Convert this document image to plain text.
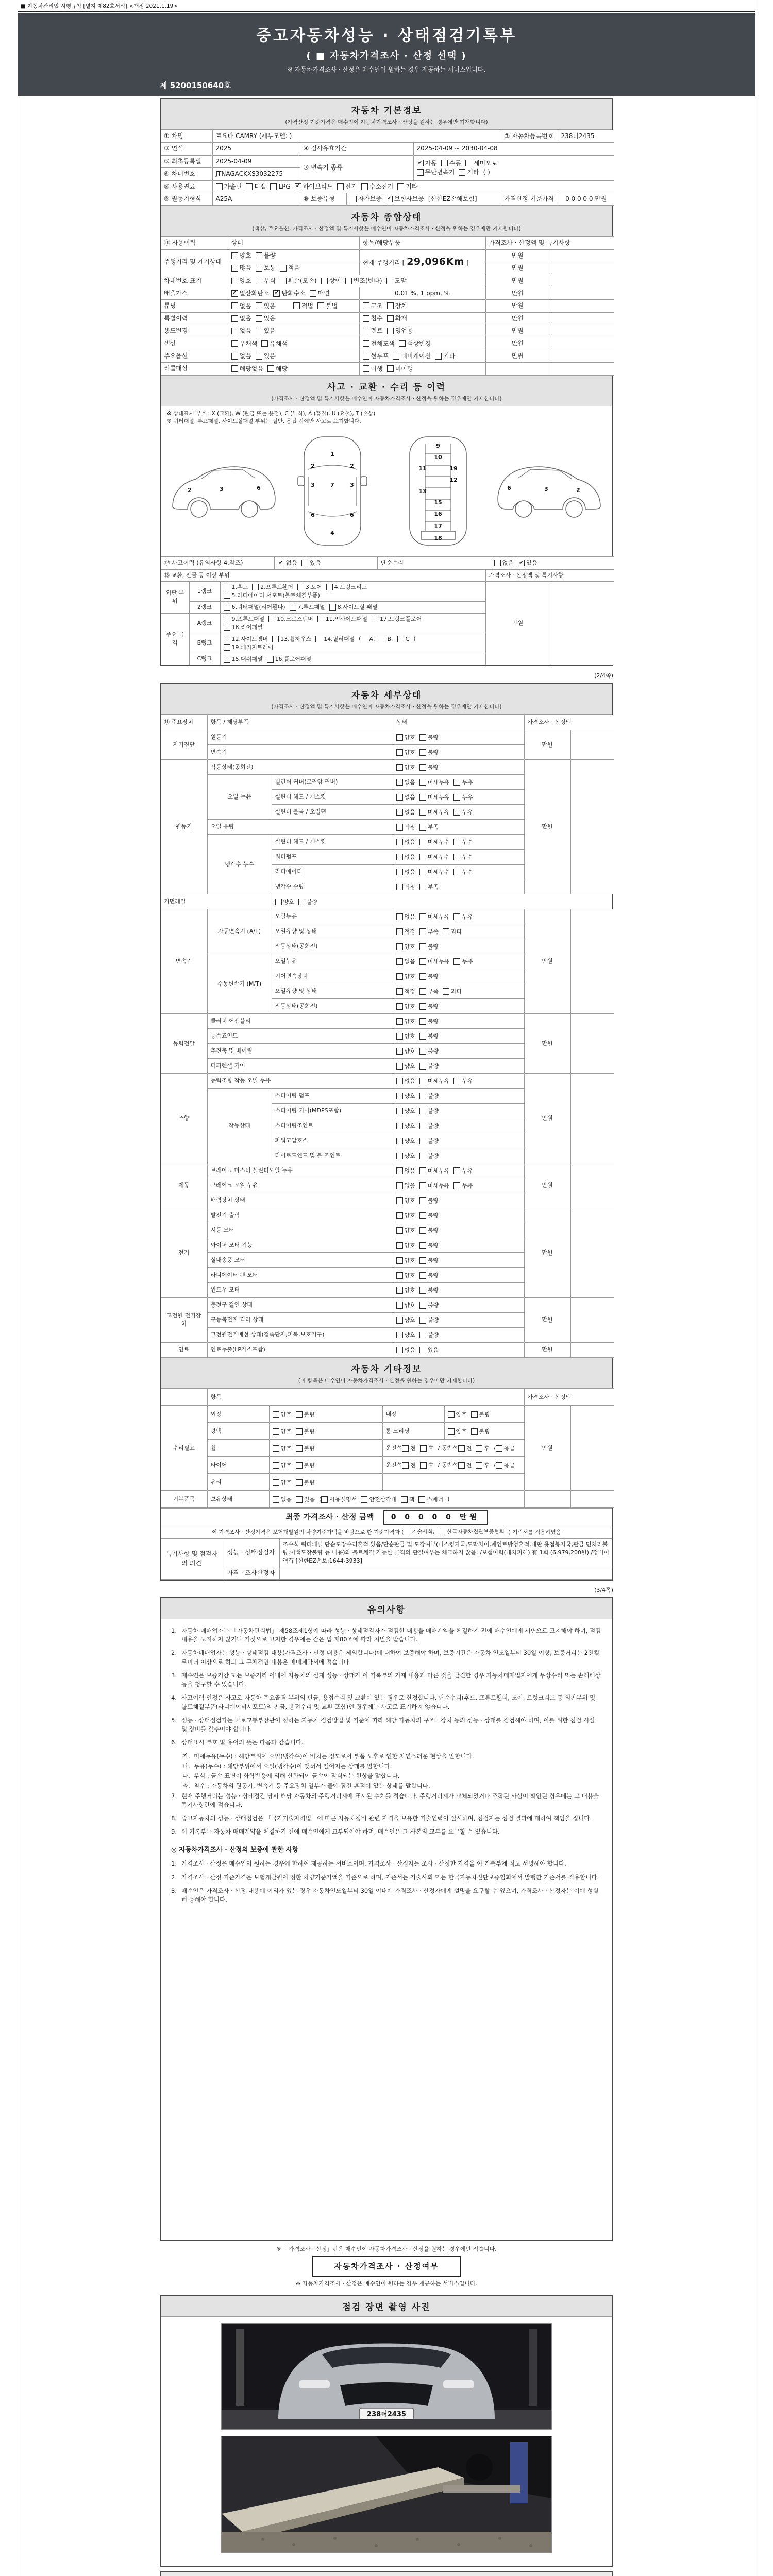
■ 자동차관리법 시행규칙 [별지 제82호서식] <개정 2021.1.19>
중고자동차성능 · 상태점검기록부
( ■ 자동차가격조사 · 산정 선택 )
※ 자동차가격조사 · 산정은 매수인이 원하는 경우 제공하는 서비스입니다.
제 5200150640호
자동차 기본정보
(가격산정 기준가격은 매수인이 자동차가격조사 · 산정을 원하는 경우에만 기재합니다)
① 차명	토요타 CAMRY (세부모델: )				② 자동차등록번호	238더2435
③ 연식	2025	④ 검사유효기간		2025-04-09 ~ 2030-04-08		
⑤ 최초등록일	2025-04-09	⑦ 변속기 종류	
✔ 자동 수동 세미오토

무단변속기 기타 ( )
⑥ 차대번호	JTNAGACKXS3032275					
⑧ 사용연료	가솔린 디젤 LPG ✔ 하이브리드 전기 수소전기 기타

⑨ 원동기형식	A25A	⑩ 보증유형	자가보증 ✔ 보험사보증 [신한EZ손해보험]		가격산정 기준가격	0 0 0 0 0 만원
자동차 종합상태
(색상, 주요옵션, 가격조사 · 산정액 및 특기사항은 매수인이 자동차가격조사 · 산정을 원하는 경우에만 기재합니다)
⑪ 사용이력	상태	항목/해당부품	가격조사 · 산정액 및 특기사항	
주행거리 및 계기상태	양호 불량	현재 주행거리 [ 29,096Km ]	만원	

	많음 보통 적음		만원	
차대번호 표기	양호 부식 훼손(오손) 상이 변조(변타) 도말	만원	
배출가스	✔ 일산화탄소 ✔ 탄화수소 매연	0.01 %, 1 ppm, %	만원	
튜닝	없음 있음 적법 불법	구조 장치	만원	
특별이력	없음 있음	침수 화재	만원	
용도변경	없음 있음	렌트 영업용	만원	
색상	무채색 유채색	전체도색 색상변경	만원	
주요옵션	없음 있음	썬루프 네비게이션 기타	만원	
리콜대상	해당없음 해당	이행 미이행		

사고 · 교환 · 수리 등 이력
(가격조사 · 산정액 및 특기사항은 매수인이 자동차가격조사 · 산정을 원하는 경우에만 기재합니다)
※ 상태표시 부호 : X (교환), W (판금 또는 용접), C (부식), A (흠집), U (요철), T (손상)
※ 쿼터패널, 루프패널, 사이드실패널 부위는 절단, 용접 시에만 사고로 표기합니다.
2	3	6
1
2	2
3	7	3
6	6
4
9
10
11	19
12
13
15
16
17
18
6	3	2
⑫ 사고이력 (유의사항 4.참조)	✔ 없음 있음	단순수리	없음 ✔ 있음
⑬ 교환, 판금 등 이상 부위			가격조사 · 산정액 및 특기사항	
외판 부위	1랭크	1.후드 2.프론트휀더 3.도어 4.트렁크리드

5.라디에이터 서포트(볼트체결부품)	만원	
	2랭크	6.쿼터패널(리어휀다) 7.루프패널 8.사이드실 패널		

주요 골격	A랭크	9.프론트패널 10.크로스멤버 11.인사이드패널 17.트렁크플로어

18.리어패널		

B랭크	
12.사이드멤버 13.휠하우스 14.필러패널 ( A, B, C )

19.패키지트레이

	C랭크	15.대쉬패널 16.플로어패널		
(2/4쪽)
자동차 세부상태
(가격조사 · 산정액 및 특기사항은 매수인이 자동차가격조사 · 산정을 원하는 경우에만 기재합니다)
⑭ 주요장치	항목 / 해당부품		상태	가격조사 · 산정액	
자기진단	원동기		양호 불량	만원	
	변속기		양호 불량		

원동기	작동상태(공회전)		양호 불량	만원	
	오일 누유	실린더 커버(로커암 커버)	없음 미세누유 누유		

		실린더 헤드 / 개스킷	없음 미세누유 누유		

		실린더 블록 / 오일팬	없음 미세누유 누유		

	오일 유량		적정 부족		

	냉각수 누수	실린더 헤드 / 개스킷	없음 미세누수 누수		

		워터펌프	없음 미세누수 누수		

		라디에이터	없음 미세누수 누수		

		냉각수 수량	적정 부족		

커먼레일		양호 불량			

변속기	자동변속기 (A/T)	오일누유	없음 미세누유 누유	만원	
		오일유량 및 상태	적정 부족 과다		

		작동상태(공회전)	양호 불량		

	수동변속기 (M/T)	오일누유	없음 미세누유 누유		

		기어변속장치	양호 불량		

		오일유량 및 상태	적정 부족 과다		

		작동상태(공회전)	양호 불량		

동력전달	클러치 어셈블리		양호 불량	만원	
	등속죠인트		양호 불량		

	추진축 및 베어링		양호 불량		

	디퍼렌셜 기어		양호 불량		

조향	동력조향 작동 오일 누유		없음 미세누유 누유	만원	
	작동상태	스티어링 펌프	양호 불량		

		스티어링 기어(MDPS포함)	양호 불량		

		스티어링조인트	양호 불량		

		파워고압호스	양호 불량		

		타이로드엔드 및 볼 조인트	양호 불량		

제동	브레이크 마스터 실린더오일 누유		없음 미세누유 누유	만원	
	브레이크 오일 누유		없음 미세누유 누유		

	배력장치 상태		양호 불량		

전기	발전기 출력		양호 불량	만원	
	시동 모터		양호 불량		

	와이퍼 모터 기능		양호 불량		

	실내송풍 모터		양호 불량		

	라디에이터 팬 모터		양호 불량		

	윈도우 모터		양호 불량		

고전원 전기장치	충전구 절연 상태		양호 불량	만원	
	구동축전지 격리 상태		양호 불량		

	고전원전기배선 상태(접속단자,피복,보호기구)		양호 불량		

연료	연료누출(LP가스포함)		없음 있음	만원	
자동차 기타정보
(이 항목은 매수인이 자동차가격조사 · 산정을 원하는 경우에만 기재합니다)
	항목				가격조사 · 산정액	
수리필요	외장	양호 불량	내장	양호 불량	만원	
	광택	양호 불량	룸 크리닝	양호 불량		

휠	양호 불량	운전석 전 후 / 동반석 전 후 / 응급

타이어	양호 불량	운전석 전 후 / 동반석 전 후 / 응급

	유리	양호 불량				

기본품목	보유상태	없음 있음 ( 사용설명서 안전삼각대 잭 스패너 )		
최종 가격조사 · 산정 금액 0 0 0 0 0 만원
이 가격조사 · 산정가격은 보험개발원의 차량기준가액을 바탕으로 한 기준가격과 ( 기술사회, 한국자동차진단보증협회 ) 기준서를 적용하였음
특기사항 및 점검자의 의견	성능 · 상태점검자	조수석 쿼터패널 단순도장수리흔적 있음/단순판금 및 도장여부(마스킹자국,도막차이,페인트방청흔적,내판 용접봉자국,판금 면처리불량,이색도장불량 등 내용)와 볼트체결 가능한 골격의 판결여부는 체크하지 않음. /보험이력(내차피해) 有 1회 (6,979,200원) /정비이력有 [신한EZ손보:1644-3933]
	가격 · 조사산정자	
(3/4쪽)
유의사항
1. 자동차 매매업자는 「자동차관리법」 제58조제1항에 따라 성능 · 상태점검자가 점검한 내용을 매매계약을 체결하기 전에 매수인에게 서면으로 고지해야 하며, 점검 내용을 고지하지 않거나 거짓으로 고지한 경우에는 같은 법 제80조에 따라 처벌을 받습니다.
2. 자동차매매업자는 성능 · 상태점검 내용(가격조사 · 산정 내용은 제외합니다)에 대하여 보증해야 하며, 보증기간은 자동차 인도일부터 30일 이상, 보증거리는 2천킬로미터 이상으로 하되 그 구체적인 내용은 매매계약서에 적습니다.
3. 매수인은 보증기간 또는 보증거리 이내에 자동차의 실제 성능 · 상태가 이 기록부의 기재 내용과 다른 것을 발견한 경우 자동차매매업자에게 무상수리 또는 손해배상 등을 청구할 수 있습니다.
4. 사고이력 인정은 사고로 자동차 주요골격 부위의 판금, 용접수리 및 교환이 있는 경우로 한정합니다. 단순수리(후드, 프론트휀더, 도어, 트렁크리드 등 외판부위 및 볼트체결부품(라디에이터서포트)의 판금, 용접수리 및 교환 포함)인 경우에는 사고로 표기하지 않습니다.
5. 성능 · 상태점검자는 국토교통부장관이 정하는 자동차 점검방법 및 기준에 따라 해당 자동차의 구조 · 장치 등의 성능 · 상태를 점검해야 하며, 이를 위한 점검 시설 및 장비를 갖추어야 합니다.
6. 상태표시 부호 및 용어의 뜻은 다음과 같습니다.
가. 미세누유(누수) : 해당부위에 오일(냉각수)이 비치는 정도로서 부품 노후로 인한 자연스러운 현상을 말합니다.
나. 누유(누수) : 해당부위에서 오일(냉각수)이 맺혀서 떨어지는 상태를 말합니다.
다. 부식 : 금속 표면이 화학반응에 의해 산화되어 금속이 잠식되는 현상을 말합니다.
라. 침수 : 자동차의 원동기, 변속기 등 주요장치 일부가 물에 잠긴 흔적이 있는 상태를 말합니다.
7. 현재 주행거리는 성능 · 상태점검 당시 해당 자동차의 주행거리계에 표시된 수치를 적습니다. 주행거리계가 교체되었거나 조작된 사실이 확인된 경우에는 그 내용을 특기사항란에 적습니다.
8. 중고자동차의 성능 · 상태점검은 「국가기술자격법」에 따른 자동차정비 관련 자격을 보유한 기술인력이 실시하며, 점검자는 점검 결과에 대하여 책임을 집니다.
9. 이 기록부는 자동차 매매계약을 체결하기 전에 매수인에게 교부되어야 하며, 매수인은 그 사본의 교부를 요구할 수 있습니다.
◎ 자동차가격조사 · 산정의 보증에 관한 사항
1. 가격조사 · 산정은 매수인이 원하는 경우에 한하여 제공하는 서비스이며, 가격조사 · 산정자는 조사 · 산정한 가격을 이 기록부에 적고 서명해야 합니다.
2. 가격조사 · 산정 기준가격은 보험개발원이 정한 차량기준가액을 기준으로 하며, 기준서는 기술사회 또는 한국자동차진단보증협회에서 발행한 기준서를 적용합니다.
3. 매수인은 가격조사 · 산정 내용에 이의가 있는 경우 자동차인도일부터 30일 이내에 가격조사 · 산정자에게 설명을 요구할 수 있으며, 가격조사 · 산정자는 이에 성실히 응해야 합니다.
※ 「가격조사 · 산정」란은 매수인이 자동차가격조사 · 산정을 원하는 경우에만 적습니다.
자동차가격조사 · 산정여부
※ 자동차가격조사 · 산정은 매수인이 원하는 경우 제공하는 서비스입니다.
점검 장면 촬영 사진
238더2435
